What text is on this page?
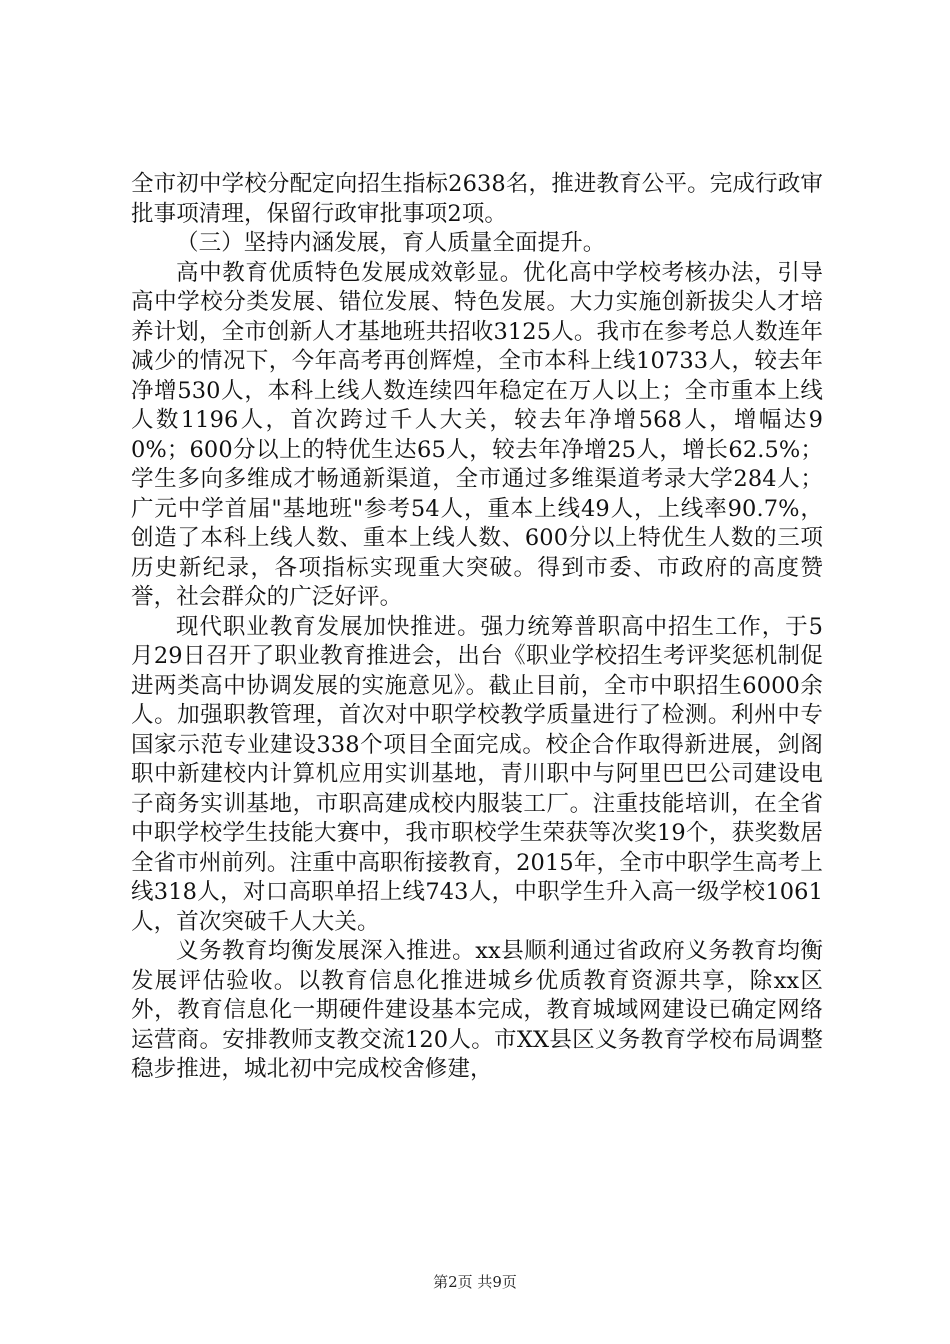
全市初中学校分配定向招生指标2638名，推进教育公平。完成行政审批事项清理，保留行政审批事项2项。

（三）坚持内涵发展，育人质量全面提升。

高中教育优质特色发展成效彰显。优化高中学校考核办法，引导高中学校分类发展、错位发展、特色发展。大力实施创新拔尖人才培养计划，全市创新人才基地班共招收3125人。我市在参考总人数连年减少的情况下，今年高考再创辉煌，全市本科上线10733人，较去年净增530人，本科上线人数连续四年稳定在万人以上；全市重本上线人数1196人，首次跨过千人大关，较去年净增568人，增幅达90%；600分以上的特优生达65人，较去年净增25人，增长62.5%；学生多向多维成才畅通新渠道，全市通过多维渠道考录大学284人；广元中学首届"基地班"参考54人，重本上线49人，上线率90.7%，创造了本科上线人数、重本上线人数、600分以上特优生人数的三项历史新纪录，各项指标实现重大突破。得到市委、市政府的高度赞誉，社会群众的广泛好评。

现代职业教育发展加快推进。强力统筹普职高中招生工作，于5月29日召开了职业教育推进会，出台《职业学校招生考评奖惩机制促进两类高中协调发展的实施意见》。截止目前，全市中职招生6000余人。加强职教管理，首次对中职学校教学质量进行了检测。利州中专国家示范专业建设338个项目全面完成。校企合作取得新进展，剑阁职中新建校内计算机应用实训基地，青川职中与阿里巴巴公司建设电子商务实训基地，市职高建成校内服装工厂。注重技能培训，在全省中职学校学生技能大赛中，我市职校学生荣获等次奖19个，获奖数居全省市州前列。注重中高职衔接教育，2015年，全市中职学生高考上线318人，对口高职单招上线743人，中职学生升入高一级学校1061人，首次突破千人大关。

义务教育均衡发展深入推进。xx县顺利通过省政府义务教育均衡发展评估验收。以教育信息化推进城乡优质教育资源共享，除xx区外，教育信息化一期硬件建设基本完成，教育城域网建设已确定网络运营商。安排教师支教交流120人。市XX县区义务教育学校布局调整稳步推进，城北初中完成校舍修建，

第2页 共9页
